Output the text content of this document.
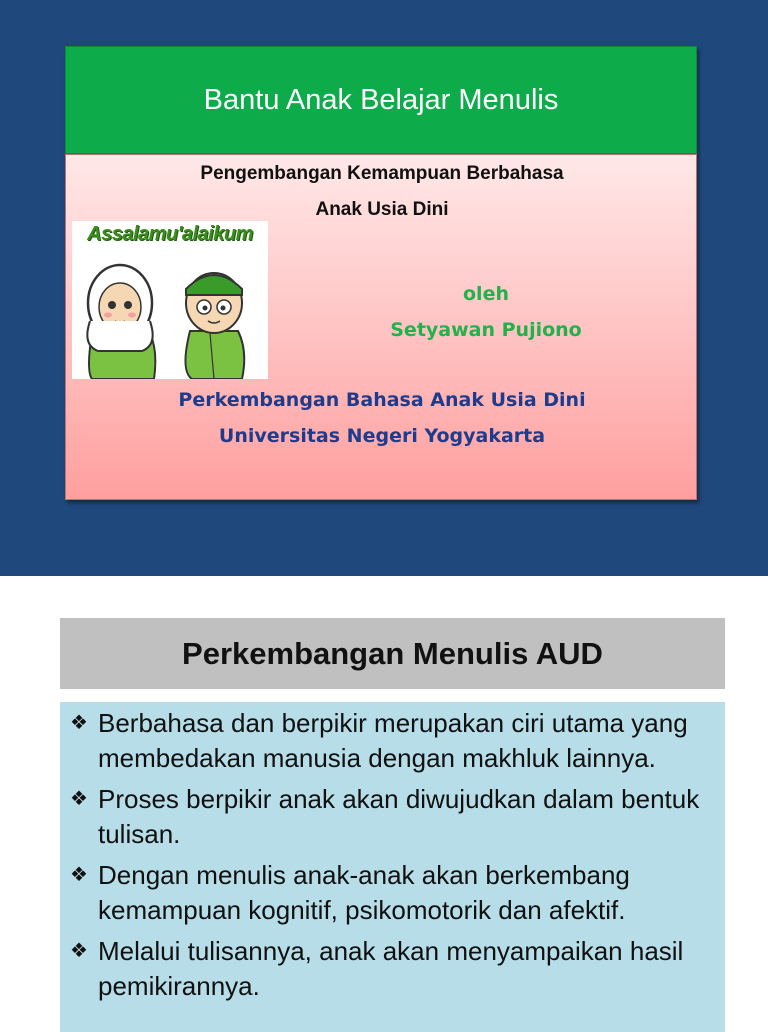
Bantu Anak Belajar Menulis
Pengembangan Kemampuan Berbahasa
Anak Usia Dini
Assalamu'alaikum
oleh
Setyawan Pujiono
Perkembangan Bahasa Anak Usia Dini
Universitas Negeri Yogyakarta
Perkembangan Menulis AUD
❖ Berbahasa dan berpikir merupakan ciri utama yang membedakan manusia dengan makhluk lainnya.
❖ Proses berpikir anak akan diwujudkan dalam bentuk tulisan.
❖ Dengan menulis anak-anak akan berkembang kemampuan kognitif, psikomotorik dan afektif.
❖ Melalui tulisannya, anak akan menyampaikan hasil pemikirannya.
